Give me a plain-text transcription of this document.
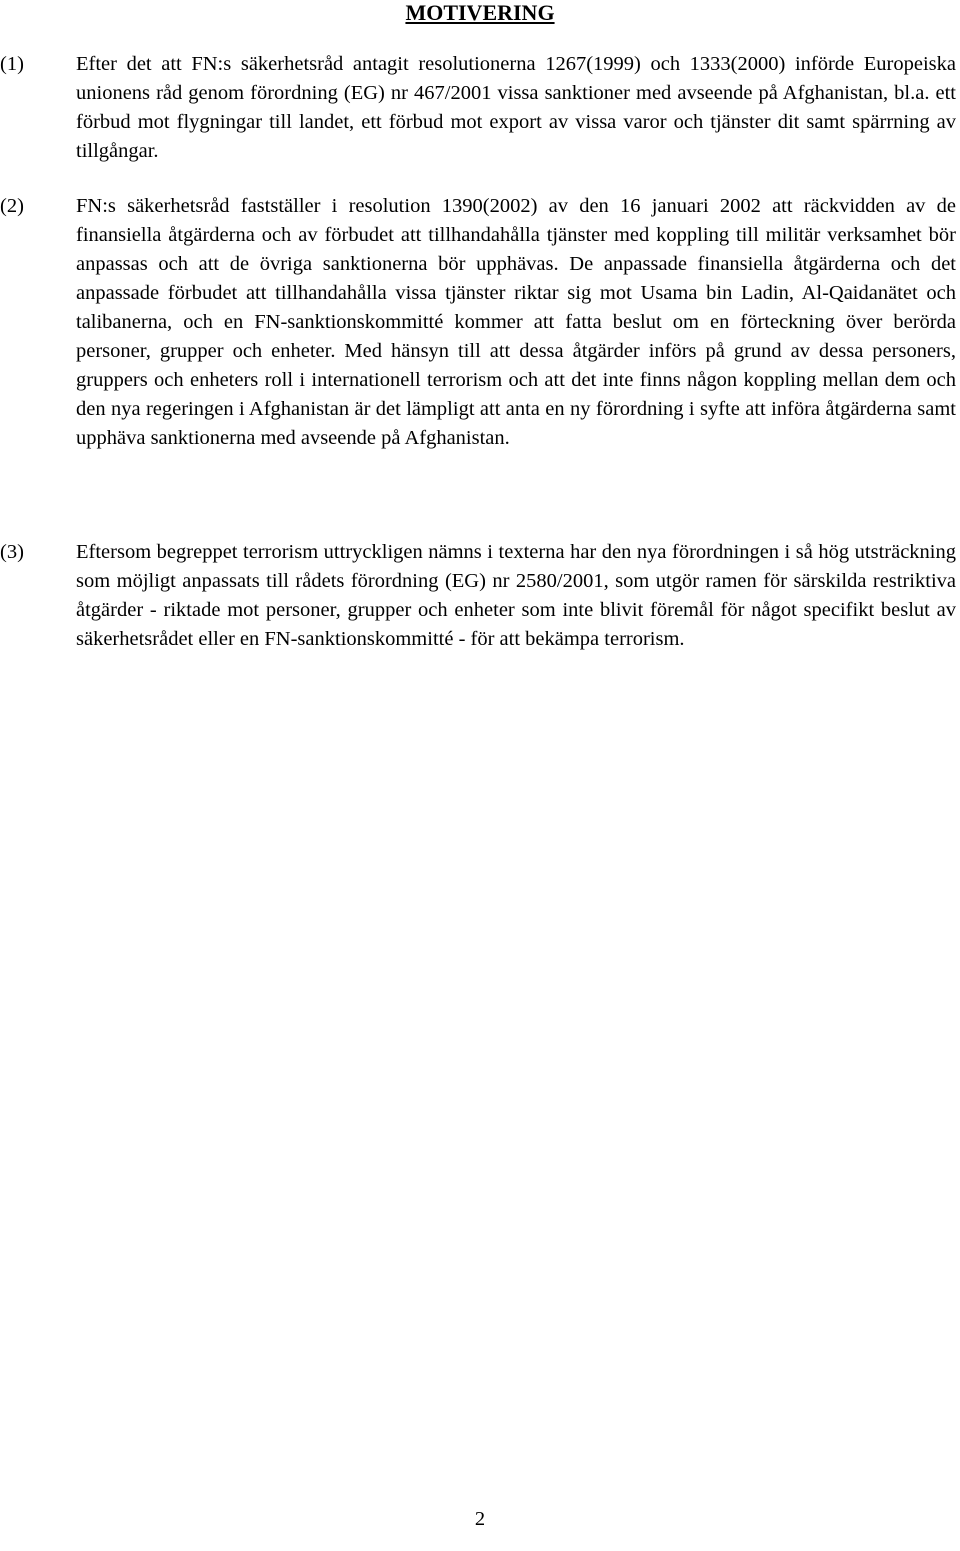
MOTIVERING
(1)	Efter det att FN:s säkerhetsråd antagit resolutionerna 1267(1999) och 1333(2000) införde Europeiska unionens råd genom förordning (EG) nr 467/2001 vissa sanktioner med avseende på Afghanistan, bl.a. ett förbud mot flygningar till landet, ett förbud mot export av vissa varor och tjänster dit samt spärrning av tillgångar.

(2)	FN:s säkerhetsråd fastställer i resolution 1390(2002) av den 16 januari 2002 att räckvidden av de finansiella åtgärderna och av förbudet att tillhandahålla tjänster med koppling till militär verksamhet bör anpassas och att de övriga sanktionerna bör upphävas. De anpassade finansiella åtgärderna och det anpassade förbudet att tillhandahålla vissa tjänster riktar sig mot Usama bin Ladin, Al-Qaidanätet och talibanerna, och en FN-sanktionskommitté kommer att fatta beslut om en förteckning över berörda personer, grupper och enheter. Med hänsyn till att dessa åtgärder införs på grund av dessa personers, gruppers och enheters roll i internationell terrorism och att det inte finns någon koppling mellan dem och den nya regeringen i Afghanistan är det lämpligt att anta en ny förordning i syfte att införa åtgärderna samt upphäva sanktionerna med avseende på Afghanistan.

(3)	Eftersom begreppet terrorism uttryckligen nämns i texterna har den nya förordningen i så hög utsträckning som möjligt anpassats till rådets förordning (EG) nr 2580/2001, som utgör ramen för särskilda restriktiva åtgärder - riktade mot personer, grupper och enheter som inte blivit föremål för något specifikt beslut av säkerhetsrådet eller en FN-sanktionskommitté - för att bekämpa terrorism.

2
